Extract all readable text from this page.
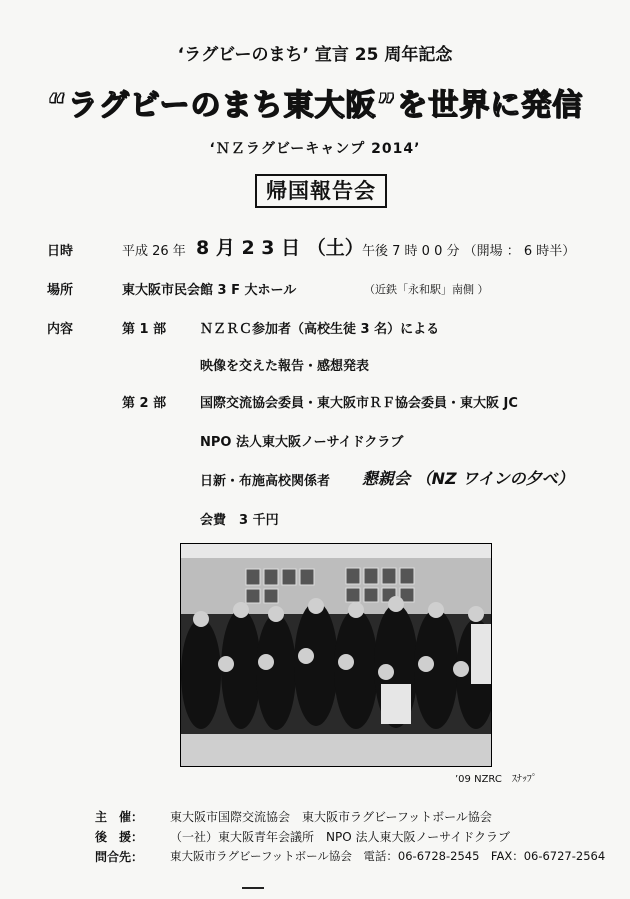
‘ラグビーのまち’ 宣言 25 周年記念
“ラグビーのまち東大阪”を世界に発信
‘ＮＺラグビーキャンプ 2014’
帰国報告会
日時	平成 26 年 8 月 2 3 日 （土）
午後 7 時 0 0 分 （開場 ： 6 時半）
場所	東大阪市民会館 3 F 大ホール	（近鉄「永和駅」南側 ）
内容	第 1 部	ＮＺＲＣ参加者（高校生徒 3 名）による
映像を交えた報告・感想発表
第 2 部	国際交流協会委員・東大阪市ＲＦ協会委員・東大阪 JC
NPO 法人東大阪ノーサイドクラブ
日新・布施高校関係者 懇親会 （NZ ワインの夕べ）
会費　3 千円
’09 NZRC　ｽﾅｯﾌﾟ
主　催： 東大阪市国際交流協会　東大阪市ラグビーフットボール協会
後　援： （一社）東大阪青年会議所　NPO 法人東大阪ノーサイドクラブ
問合先： 東大阪市ラグビーフットボール協会　電話：06-6728-2545　FAX：06-6727-2564
